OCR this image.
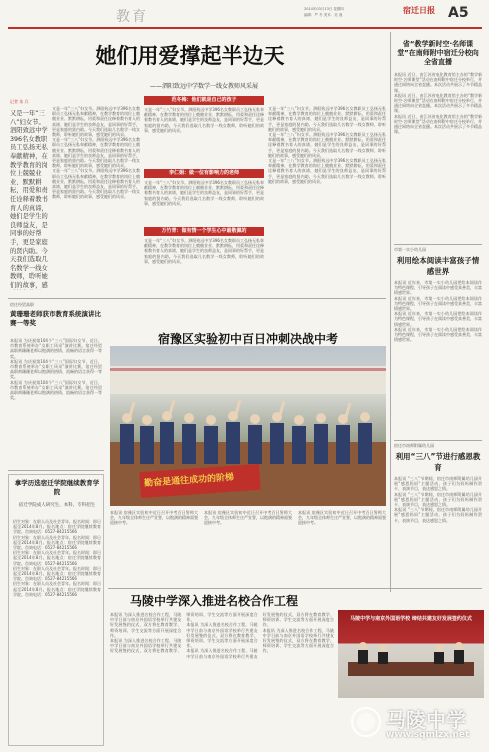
教育	2014年03月13日 星期四
编辑：严 冬 美术：吴 迪	宿迁日报 A5
她们用爱撑起半边天
——泗阳致远中学数学一线女教师风采展
记者 朱 兵
又是一年“三八”妇女节。泗阳致远中学396名女教职员工弘扬无私奉献精神，在教学教育的岗位上兢兢业业、默默耕耘，用爱和责任诠释着教书育人的真谛，她们是学生的良师益友，是同事的好帮手，更是家庭的贤内助。今天我们选取几名数学一线女教师，聆听她们的故事，感
范冬梅：他们就是自己的孩子
李仁娟：做一位有影响力的老师
万竹青：做有情一个学生心中最敬佩的

又是一年“三八”妇女节。泗阳致远中学396名女教职员工弘扬无私奉献精神，在教学教育的岗位上兢兢业业、默默耕耘，用爱和责任诠释着教书育人的真谛，她们是学生的良师益友，是同事的好帮手，更是家庭的贤内助。今天我们选取几名数学一线女教师，聆听她们的故事，感受她们的风采。

又是一年“三八”妇女节。泗阳致远中学396名女教职员工弘扬无私奉献精神，在教学教育的岗位上兢兢业业、默默耕耘，用爱和责任诠释着教书育人的真谛，她们是学生的良师益友，是同事的好帮手，更是家庭的贤内助。今天我们选取几名数学一线女教师，聆听她们的故事，感受她们的风采。

又是一年“三八”妇女节。泗阳致远中学396名女教职员工弘扬无私奉献精神，在教学教育的岗位上兢兢业业、默默耕耘，用爱和责任诠释着教书育人的真谛，她们是学生的良师益友，是同事的好帮手，更是家庭的贤内助。今天我们选取几名数学一线女教师，聆听她们的故事，感受她们的风采。

又是一年“三八”妇女节。泗阳致远中学396名女教职员工弘扬无私奉献精神，在教学教育的岗位上兢兢业业、默默耕耘，用爱和责任诠释着教书育人的真谛，她们是学生的良师益友，是同事的好帮手，更是家庭的贤内助。今天我们选取几名数学一线女教师，聆听她们的故事，感受她们的风采。

又是一年“三八”妇女节。泗阳致远中学396名女教职员工弘扬无私奉献精神，在教学教育的岗位上兢兢业业、默默耕耘，用爱和责任诠释着教书育人的真谛，她们是学生的良师益友，是同事的好帮手，更是家庭的贤内助。今天我们选取几名数学一线女教师，聆听她们的故事，感受她们的风采。

又是一年“三八”妇女节。泗阳致远中学396名女教职员工弘扬无私奉献精神，在教学教育的岗位上兢兢业业、默默耕耘，用爱和责任诠释着教书育人的真谛，她们是学生的良师益友，是同事的好帮手，更是家庭的贤内助。今天我们选取几名数学一线女教师，聆听她们的故事，感受她们的风采。

又是一年“三八”妇女节。泗阳致远中学396名女教职员工弘扬无私奉献精神，在教学教育的岗位上兢兢业业、默默耕耘，用爱和责任诠释着教书育人的真谛，她们是学生的良师益友，是同事的好帮手，更是家庭的贤内助。今天我们选取几名数学一线女教师，聆听她们的故事，感受她们的风采。

又是一年“三八”妇女节。泗阳致远中学396名女教职员工弘扬无私奉献精神，在教学教育的岗位上兢兢业业、默默耕耘，用爱和责任诠释着教书育人的真谛，她们是学生的良师益友，是同事的好帮手，更是家庭的贤内助。今天我们选取几名数学一线女教师，聆听她们的故事，感受她们的风采。

又是一年“三八”妇女节。泗阳致远中学396名女教职员工弘扬无私奉献精神，在教学教育的岗位上兢兢业业、默默耕耘，用爱和责任诠释着教书育人的真谛，她们是学生的良师益友，是同事的好帮手，更是家庭的贤内助。今天我们选取几名数学一线女教师，聆听她们的故事，感受她们的风采。

省“教学新时空·名师课堂”在南师附中宿迁分校向全省直播

本报讯 近日，由江苏省电化教育馆主办的“教学新时空·名师课堂”活动在南师附中宿迁分校举行，并通过网络向全省直播。本次活动共展示了多节精品课。

本报讯 近日，由江苏省电化教育馆主办的“教学新时空·名师课堂”活动在南师附中宿迁分校举行，并通过网络向全省直播。本次活动共展示了多节精品课。

本报讯 近日，由江苏省电化教育馆主办的“教学新时空·名师课堂”活动在南师附中宿迁分校举行，并通过网络向全省直播。本次活动共展示了多节精品课。

市第一实小幼儿园
利用绘本阅读丰富孩子情感世界

本报讯 近年来，市第一实小幼儿园把绘本阅读作为特色课程，引导孩子在阅读中感受真善美，丰富情感世界。

本报讯 近年来，市第一实小幼儿园把绘本阅读作为特色课程，引导孩子在阅读中感受真善美，丰富情感世界。

本报讯 近年来，市第一实小幼儿园把绘本阅读作为特色课程，引导孩子在阅读中感受真善美，丰富情感世界。

本报讯 近年来，市第一实小幼儿园把绘本阅读作为特色课程，引导孩子在阅读中感受真善美，丰富情感世界。

宿迁市南师附属幼儿园
利用“三八”节进行感恩教育

本报讯 “三八”节期间，宿迁市南师附属幼儿园开展“感恩妈妈”主题活动，孩子们为妈妈制作贺卡、表演节目，表达感恩之情。

本报讯 “三八”节期间，宿迁市南师附属幼儿园开展“感恩妈妈”主题活动，孩子们为妈妈制作贺卡、表演节目，表达感恩之情。

本报讯 “三八”节期间，宿迁市南师附属幼儿园开展“感恩妈妈”主题活动，孩子们为妈妈制作贺卡、表演节目，表达感恩之情。

宿迁经贸高职
黄珊珊老师获市教育系统演讲比赛一等奖

本报讯 为庆祝第104个“三八”国际妇女节，近日，市教育系统举办“女职工风采”演讲比赛。宿迁经贸高职黄珊珊老师以饱满的热情、流畅的语言获得一等奖。

本报讯 为庆祝第104个“三八”国际妇女节，近日，市教育系统举办“女职工风采”演讲比赛。宿迁经贸高职黄珊珊老师以饱满的热情、流畅的语言获得一等奖。

本报讯 为庆祝第104个“三八”国际妇女节，近日，市教育系统举办“女职工风采”演讲比赛。宿迁经贸高职黄珊珊老师以饱满的热情、流畅的语言获得一等奖。

拿学历选宿迁学院继续教育学院
宿迁学院成人研究生、本科、专科招生

招生对象：在职人员及社会青年。报名时间：即日起至2014年8月。报名地点：宿迁学院继续教育学院。咨询电话：0527-84215566

招生对象：在职人员及社会青年。报名时间：即日起至2014年8月。报名地点：宿迁学院继续教育学院。咨询电话：0527-84215566

招生对象：在职人员及社会青年。报名时间：即日起至2014年8月。报名地点：宿迁学院继续教育学院。咨询电话：0527-84215566

招生对象：在职人员及社会青年。报名时间：即日起至2014年8月。报名地点：宿迁学院继续教育学院。咨询电话：0527-84215566

招生对象：在职人员及社会青年。报名时间：即日起至2014年8月。报名地点：宿迁学院继续教育学院。咨询电话：0527-84215566

宿豫区实验初中百日冲刺决战中考
勤奋是通往成功的阶梯

本报讯 宿豫区实验初中近日召开中考百日誓师大会，九年级全体师生庄严宣誓，以饱满的精神面貌迎接中考。

本报讯 宿豫区实验初中近日召开中考百日誓师大会，九年级全体师生庄严宣誓，以饱满的精神面貌迎接中考。

本报讯 宿豫区实验初中近日召开中考百日誓师大会，九年级全体师生庄严宣誓，以饱满的精神面貌迎接中考。

马陵中学深入推进名校合作工程

本报讯 为深入推进名校合作工程，马陵中学日前与南京外国语学校举行共建友好发展签约仪式，双方将在教育教学、师资培训、学生交流等方面开展深度合作。

本报讯 为深入推进名校合作工程，马陵中学日前与南京外国语学校举行共建友好发展签约仪式，双方将在教育教学、师资培训、学生交流等方面开展深度合作。

本报讯 为深入推进名校合作工程，马陵中学日前与南京外国语学校举行共建友好发展签约仪式，双方将在教育教学、师资培训、学生交流等方面开展深度合作。

本报讯 为深入推进名校合作工程，马陵中学日前与南京外国语学校举行共建友好发展签约仪式，双方将在教育教学、师资培训、学生交流等方面开展深度合作。

本报讯 为深入推进名校合作工程，马陵中学日前与南京外国语学校举行共建友好发展签约仪式，双方将在教育教学、师资培训、学生交流等方面开展深度合作。

马陵中学与南京外国语学校 缔结共建友好发展签约仪式
马陵中学
www.sqmlzx.net
